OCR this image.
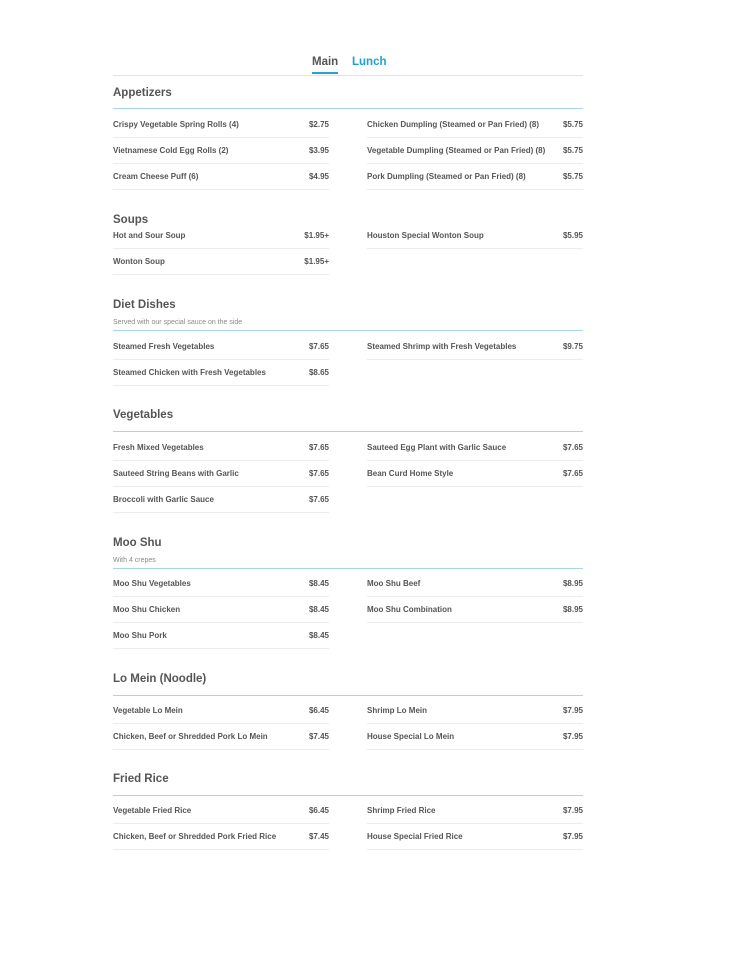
Main Lunch
Appetizers
Crispy Vegetable Spring Rolls (4)	$2.75
Vietnamese Cold Egg Rolls (2)	$3.95
Cream Cheese Puff (6)	$4.95
Chicken Dumpling (Steamed or Pan Fried) (8)	$5.75
Vegetable Dumpling (Steamed or Pan Fried) (8) $5.75
Pork Dumpling (Steamed or Pan Fried) (8)	$5.75
Soups
Hot and Sour Soup	$1.95+
Wonton Soup	$1.95+
Houston Special Wonton Soup	$5.95
Diet Dishes
Served with our special sauce on the side
Steamed Fresh Vegetables	$7.65
Steamed Chicken with Fresh Vegetables	$8.65
Steamed Shrimp with Fresh Vegetables	$9.75
Vegetables
Fresh Mixed Vegetables	$7.65
Sauteed String Beans with Garlic	$7.65
Broccoli with Garlic Sauce	$7.65
Sauteed Egg Plant with Garlic Sauce	$7.65
Bean Curd Home Style	$7.65
Moo Shu
With 4 crepes
Moo Shu Vegetables	$8.45
Moo Shu Chicken	$8.45
Moo Shu Pork	$8.45
Moo Shu Beef	$8.95
Moo Shu Combination	$8.95
Lo Mein (Noodle)
Vegetable Lo Mein	$6.45
Chicken, Beef or Shredded Pork Lo Mein	$7.45
Shrimp Lo Mein	$7.95
House Special Lo Mein	$7.95
Fried Rice
Vegetable Fried Rice	$6.45
Chicken, Beef or Shredded Pork Fried Rice	$7.45
Shrimp Fried Rice	$7.95
House Special Fried Rice	$7.95
